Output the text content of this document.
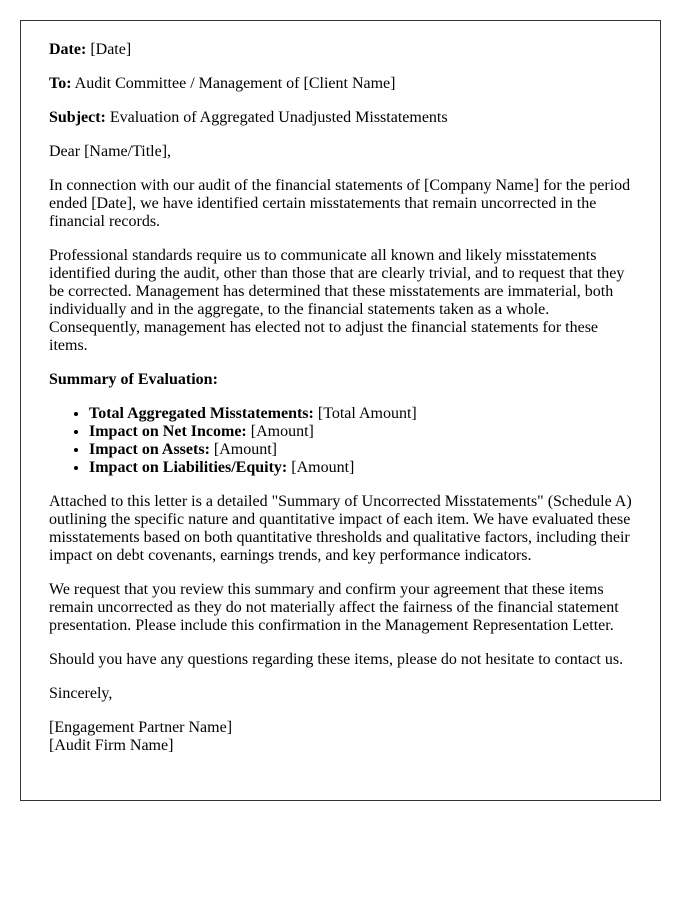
Date: [Date]

To: Audit Committee / Management of [Client Name]

Subject: Evaluation of Aggregated Unadjusted Misstatements

Dear [Name/Title],

In connection with our audit of the financial statements of [Company Name] for the period ended [Date], we have identified certain misstatements that remain uncorrected in the financial records.

Professional standards require us to communicate all known and likely misstatements identified during the audit, other than those that are clearly trivial, and to request that they be corrected. Management has determined that these misstatements are immaterial, both individually and in the aggregate, to the financial statements taken as a whole. Consequently, management has elected not to adjust the financial statements for these items.

Summary of Evaluation:

• Total Aggregated Misstatements: [Total Amount]
• Impact on Net Income: [Amount]
• Impact on Assets: [Amount]
• Impact on Liabilities/Equity: [Amount]

Attached to this letter is a detailed "Summary of Uncorrected Misstatements" (Schedule A) outlining the specific nature and quantitative impact of each item. We have evaluated these misstatements based on both quantitative thresholds and qualitative factors, including their impact on debt covenants, earnings trends, and key performance indicators.

We request that you review this summary and confirm your agreement that these items remain uncorrected as they do not materially affect the fairness of the financial statement presentation. Please include this confirmation in the Management Representation Letter.

Should you have any questions regarding these items, please do not hesitate to contact us.

Sincerely,

[Engagement Partner Name]

[Audit Firm Name]
